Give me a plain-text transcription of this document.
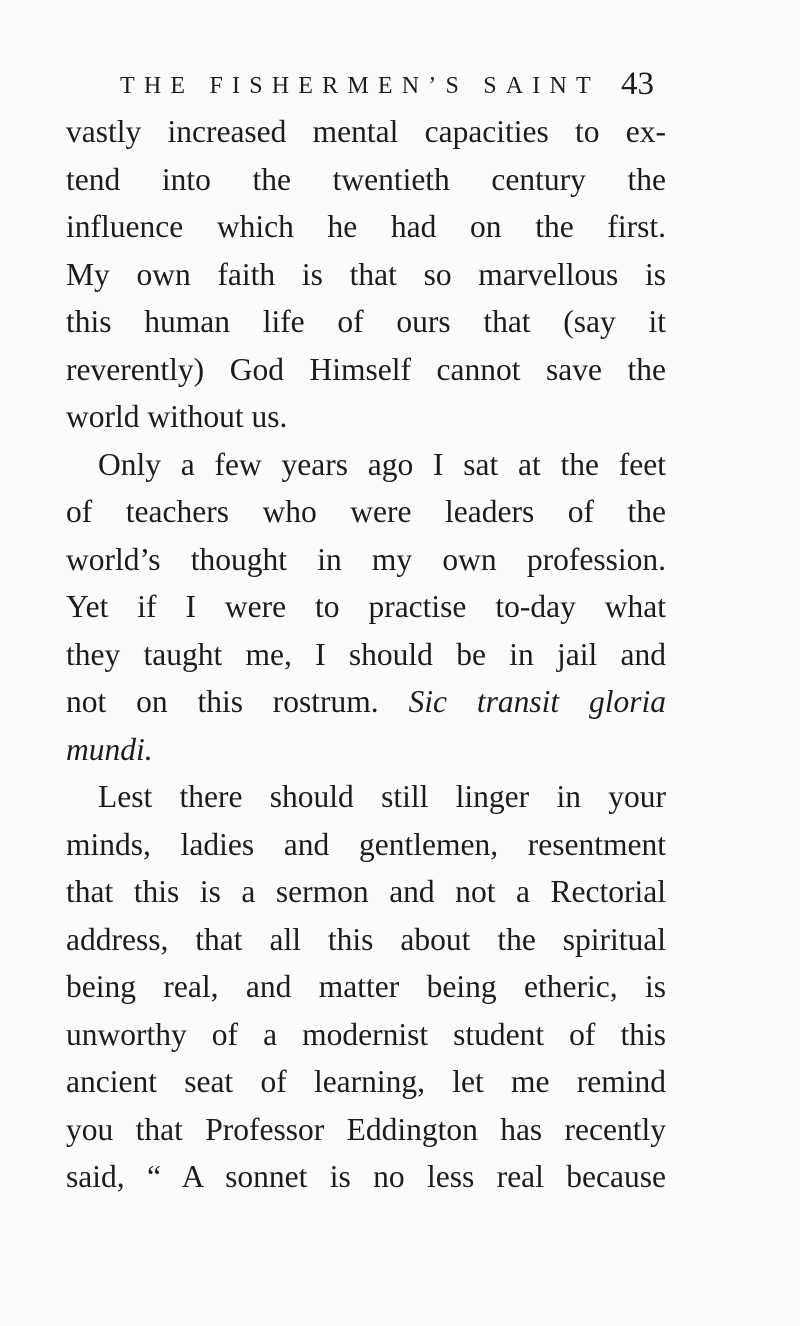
THE FISHERMEN’S SAINT 43
vastly increased mental capacities to ex-
tend into the twentieth century the
influence which he had on the first.
My own faith is that so marvellous is
this human life of ours that (say it
reverently) God Himself cannot save the
world without us.
Only a few years ago I sat at the feet
of teachers who were leaders of the
world’s thought in my own profession.
Yet if I were to practise to-day what
they taught me, I should be in jail and
not on this rostrum. Sic transit gloria
mundi.
Lest there should still linger in your
minds, ladies and gentlemen, resentment
that this is a sermon and not a Rectorial
address, that all this about the spiritual
being real, and matter being etheric, is
unworthy of a modernist student of this
ancient seat of learning, let me remind
you that Professor Eddington has recently
said, “ A sonnet is no less real because
